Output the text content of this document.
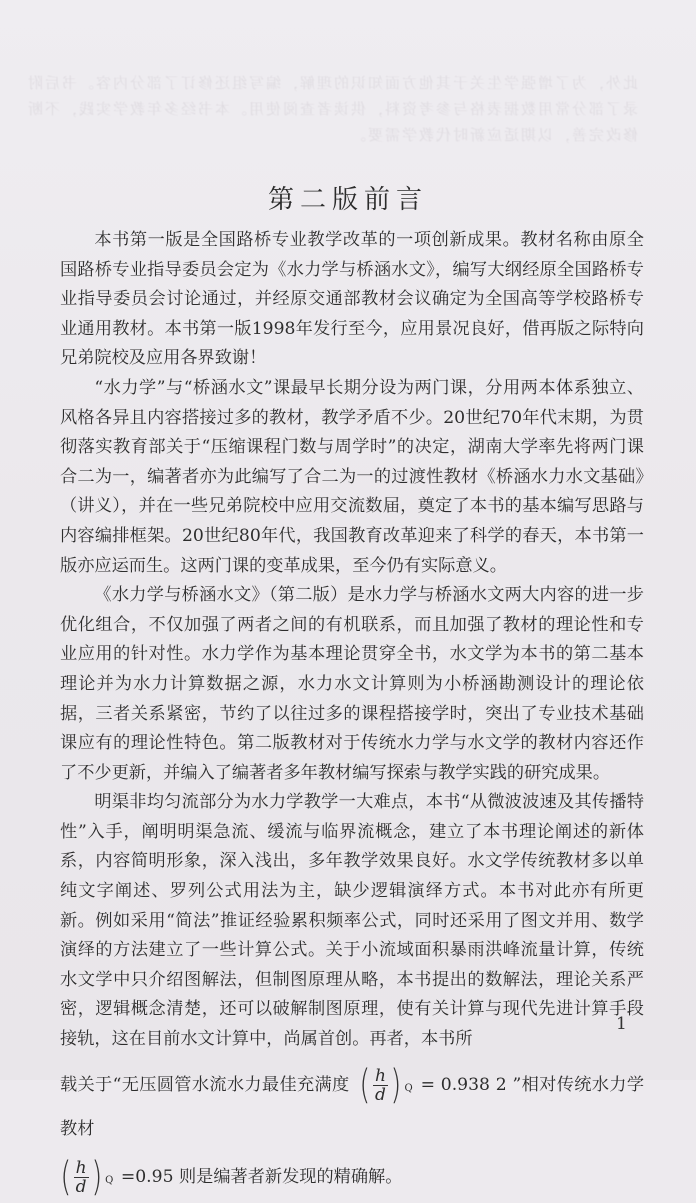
此外，为了增强学生关于其他方面知识的理解，编写组还修订了部分内容。书后附录了部分常用数据表格与参考资料，供读者查阅使用。本书经多年教学实践，不断修改完善，以期适应新时代教学需要。
第二版前言

本书第一版是全国路桥专业教学改革的一项创新成果。教材名称由原全国路桥专业指导委员会定为《水力学与桥涵水文》，编写大纲经原全国路桥专业指导委员会讨论通过，并经原交通部教材会议确定为全国高等学校路桥专业通用教材。本书第一版1998年发行至今，应用景况良好，借再版之际特向兄弟院校及应用各界致谢！

“水力学”与“桥涵水文”课最早长期分设为两门课，分用两本体系独立、风格各异且内容搭接过多的教材，教学矛盾不少。20世纪70年代末期，为贯彻落实教育部关于“压缩课程门数与周学时”的决定，湖南大学率先将两门课合二为一，编著者亦为此编写了合二为一的过渡性教材《桥涵水力水文基础》（讲义），并在一些兄弟院校中应用交流数届，奠定了本书的基本编写思路与内容编排框架。20世纪80年代，我国教育改革迎来了科学的春天，本书第一版亦应运而生。这两门课的变革成果，至今仍有实际意义。

《水力学与桥涵水文》（第二版）是水力学与桥涵水文两大内容的进一步优化组合，不仅加强了两者之间的有机联系，而且加强了教材的理论性和专业应用的针对性。水力学作为基本理论贯穿全书，水文学为本书的第二基本理论并为水力计算数据之源，水力水文计算则为小桥涵勘测设计的理论依据，三者关系紧密，节约了以往过多的课程搭接学时，突出了专业技术基础课应有的理论性特色。第二版教材对于传统水力学与水文学的教材内容还作了不少更新，并编入了编著者多年教材编写探索与教学实践的研究成果。

明渠非均匀流部分为水力学教学一大难点，本书“从微波波速及其传播特性”入手，阐明明渠急流、缓流与临界流概念，建立了本书理论阐述的新体系，内容简明形象，深入浅出，多年教学效果良好。水文学传统教材多以单纯文字阐述、罗列公式用法为主，缺少逻辑演绎方式。本书对此亦有所更新。例如采用“简法”推证经验累积频率公式，同时还采用了图文并用、数学演绎的方法建立了一些计算公式。关于小流域面积暴雨洪峰流量计算，传统水文学中只介绍图解法，但制图原理从略，本书提出的数解法，理论关系严密，逻辑概念清楚，还可以破解制图原理，使有关计算与现代先进计算手段接轨，这在目前水文计算中，尚属首创。再者，本书所

载关于“无压圆管水流水力最佳充满度 ( $\frac{h}{d}$ ) Q = 0.938 2 ”相对传统水力学教材
( $\frac{h}{d}$ ) Q =0.95 则是编著者新发现的精确解。
1
